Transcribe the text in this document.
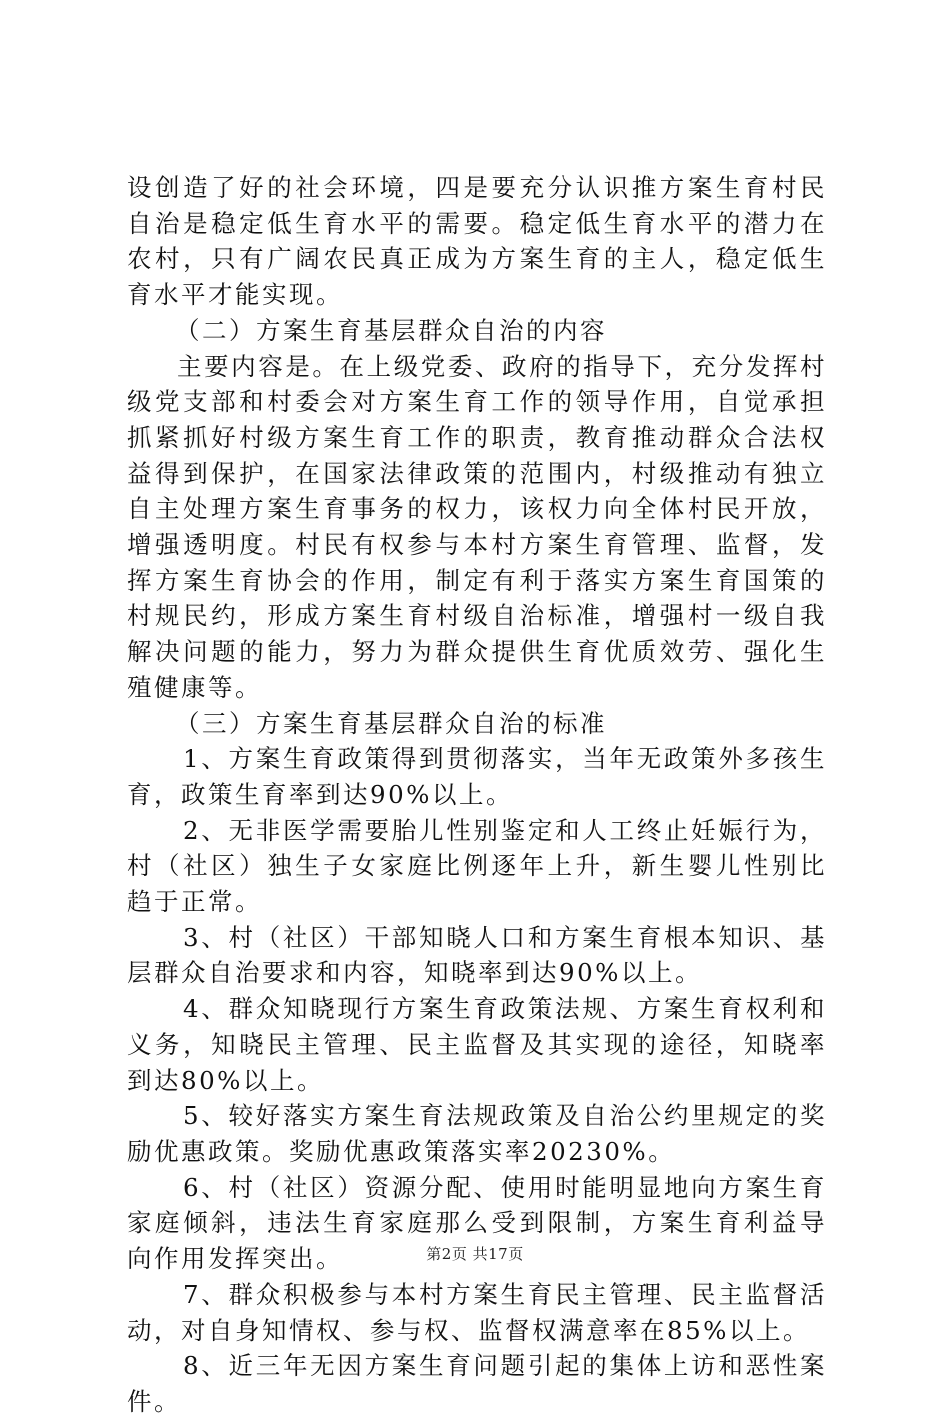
设创造了好的社会环境，四是要充分认识推方案生育村民自治是稳定低生育水平的需要。稳定低生育水平的潜力在农村，只有广阔农民真正成为方案生育的主人，稳定低生育水平才能实现。

（二）方案生育基层群众自治的内容

主要内容是。在上级党委、政府的指导下，充分发挥村级党支部和村委会对方案生育工作的领导作用，自觉承担抓紧抓好村级方案生育工作的职责，教育推动群众合法权益得到保护，在国家法律政策的范围内，村级推动有独立自主处理方案生育事务的权力，该权力向全体村民开放，增强透明度。村民有权参与本村方案生育管理、监督，发挥方案生育协会的作用，制定有利于落实方案生育国策的村规民约，形成方案生育村级自治标准，增强村一级自我解决问题的能力，努力为群众提供生育优质效劳、强化生殖健康等。

（三）方案生育基层群众自治的标准

1、方案生育政策得到贯彻落实，当年无政策外多孩生育，政策生育率到达90%以上。

2、无非医学需要胎儿性别鉴定和人工终止妊娠行为，村（社区）独生子女家庭比例逐年上升，新生婴儿性别比趋于正常。

3、村（社区）干部知晓人口和方案生育根本知识、基层群众自治要求和内容，知晓率到达90%以上。

4、群众知晓现行方案生育政策法规、方案生育权利和义务，知晓民主管理、民主监督及其实现的途径，知晓率到达80%以上。

5、较好落实方案生育法规政策及自治公约里规定的奖励优惠政策。奖励优惠政策落实率20230%。

6、村（社区）资源分配、使用时能明显地向方案生育家庭倾斜，违法生育家庭那么受到限制，方案生育利益导向作用发挥突出。

7、群众积极参与本村方案生育民主管理、民主监督活动，对自身知情权、参与权、监督权满意率在85%以上。

8、近三年无因方案生育问题引起的集体上访和恶性案件。

第2页 共17页
